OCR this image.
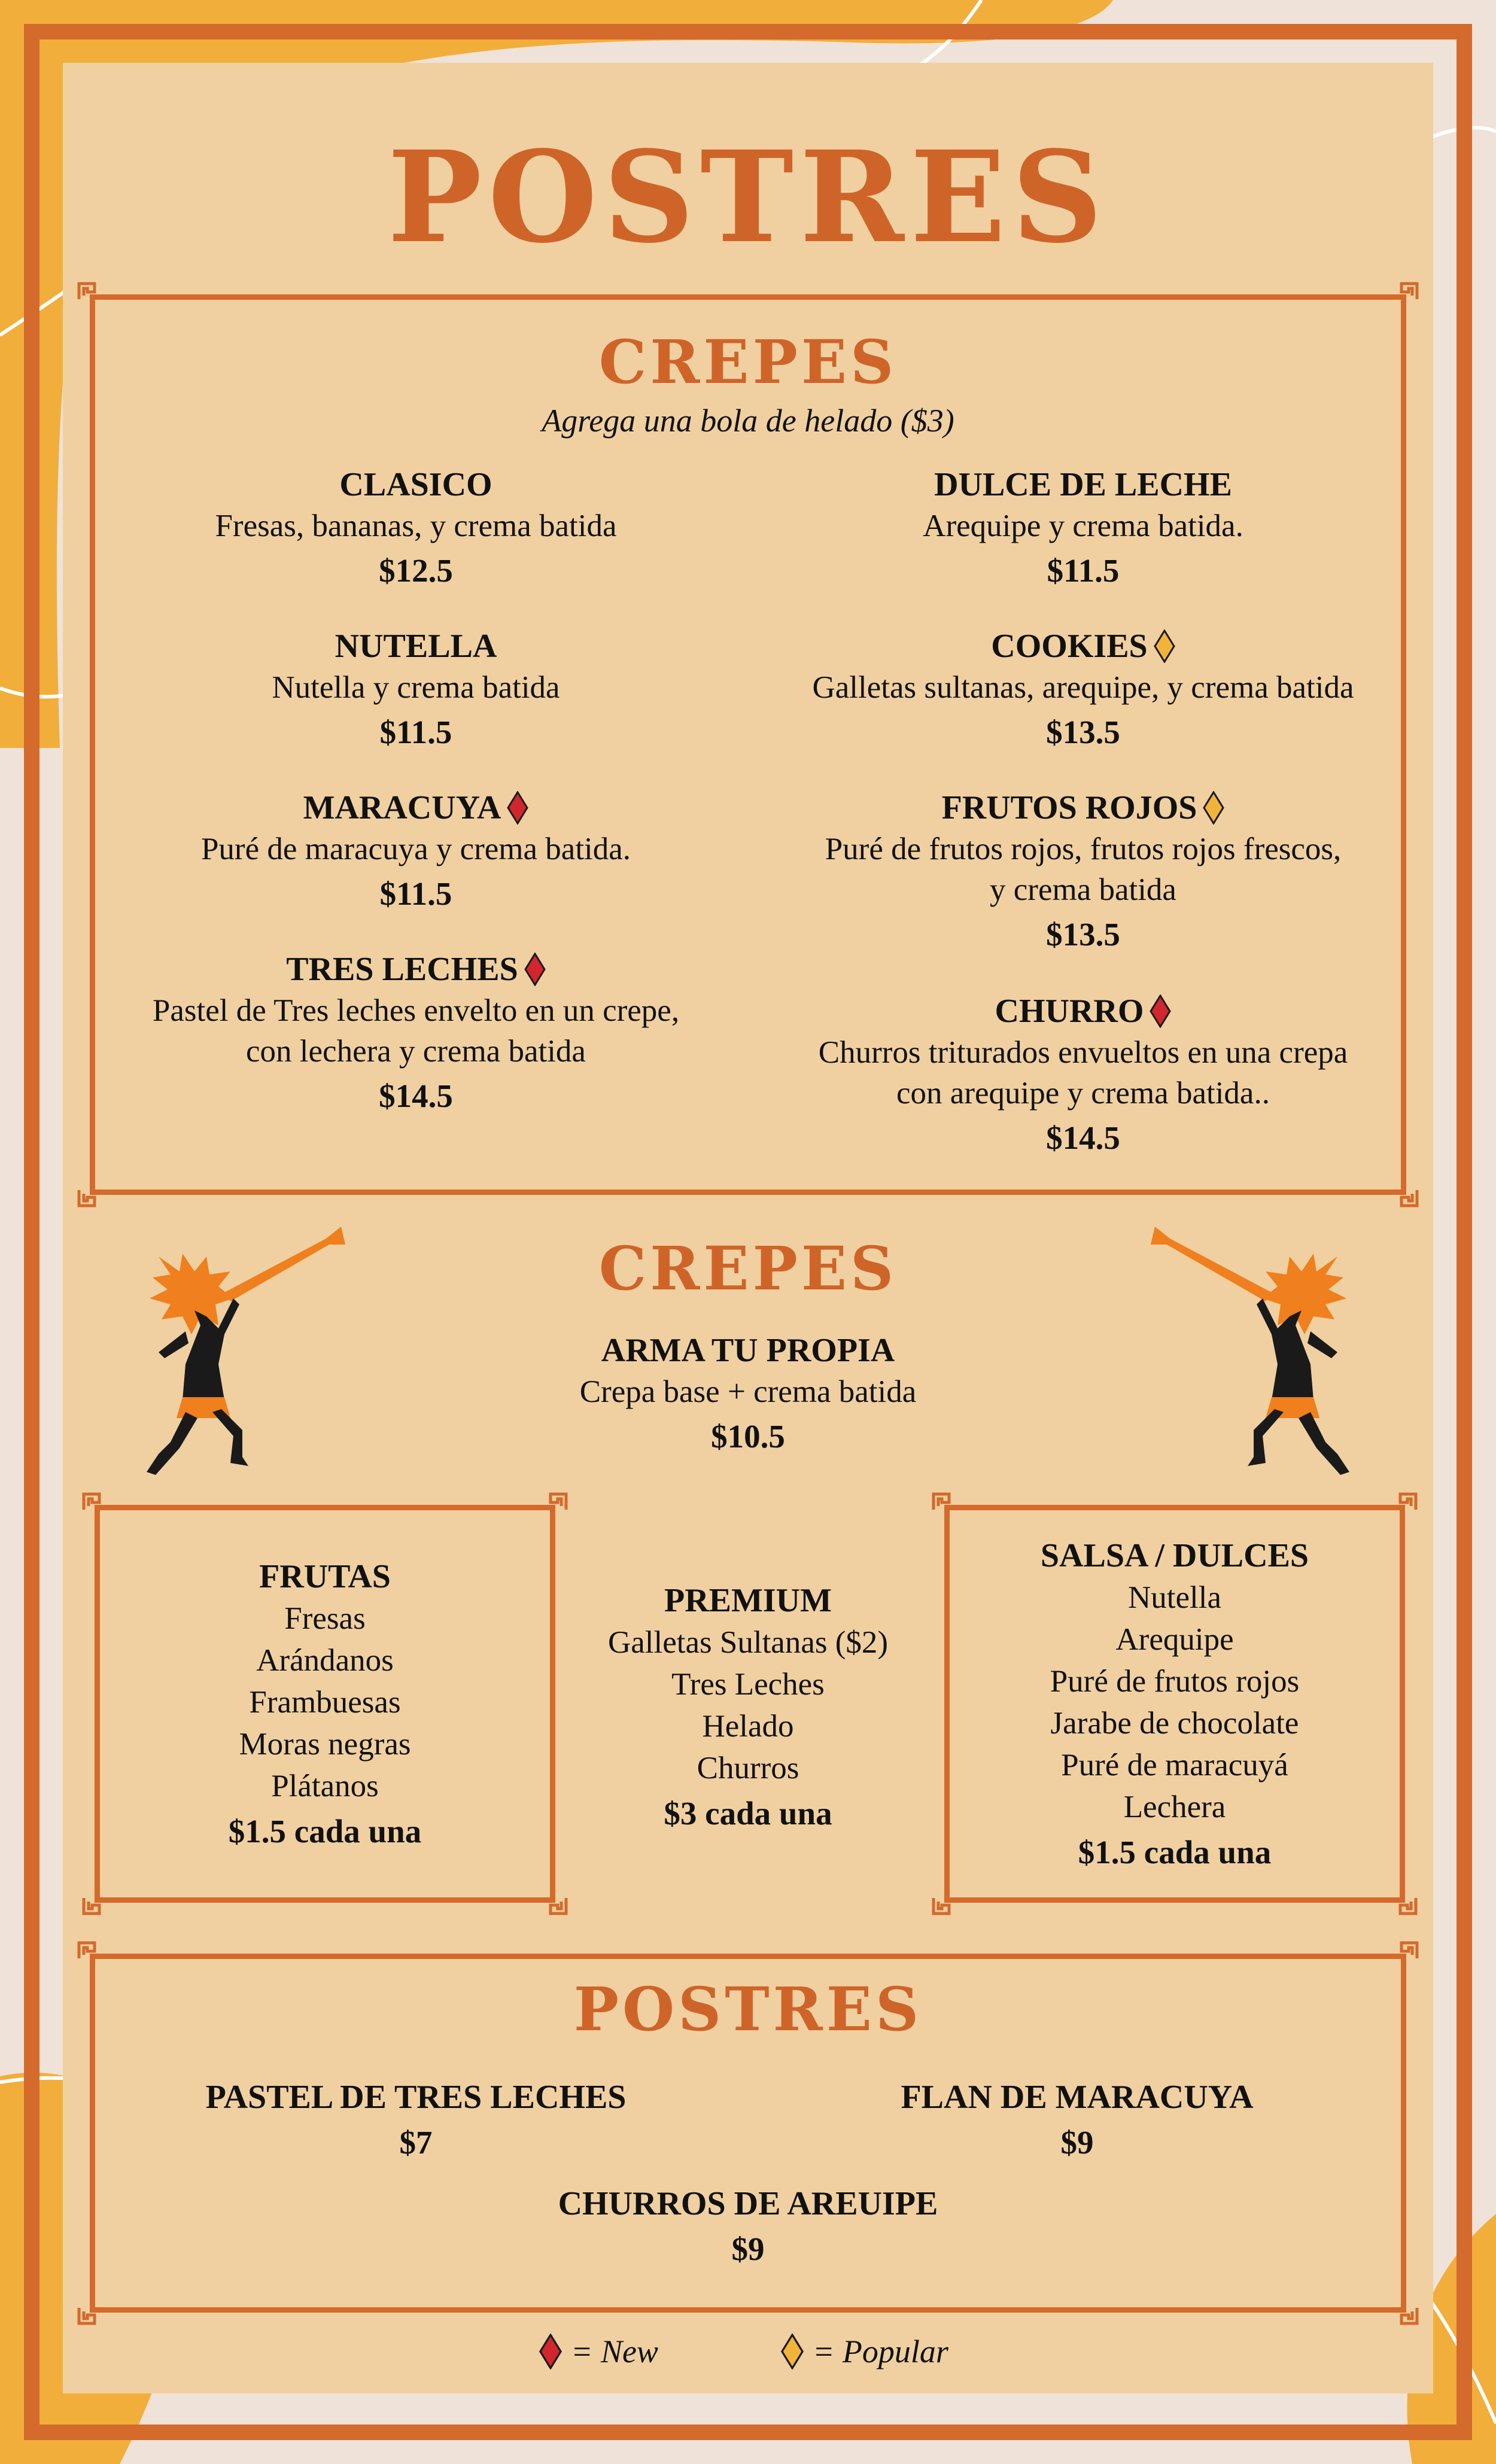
POSTRES
CREPES
Agrega una bola de helado ($3)
CLASICO
Fresas, bananas, y crema batida
$12.5
DULCE DE LECHE
Arequipe y crema batida.
$11.5
NUTELLA
Nutella y crema batida
$11.5
COOKIES
Galletas sultanas, arequipe, y crema batida
$13.5
MARACUYA
Puré de maracuya y crema batida.
$11.5
FRUTOS ROJOS
Puré de frutos rojos, frutos rojos frescos,
y crema batida
$13.5
TRES LECHES
Pastel de Tres leches envelto en un crepe,
con lechera y crema batida
$14.5
CHURRO
Churros triturados envueltos en una crepa
con arequipe y crema batida..
$14.5
CREPES
ARMA TU PROPIA
Crepa base + crema batida
$10.5
FRUTAS
Fresas
Arándanos
Frambuesas
Moras negras
Plátanos
$1.5 cada una
PREMIUM
Galletas Sultanas ($2)
Tres Leches
Helado
Churros
$3 cada una
SALSA / DULCES
Nutella
Arequipe
Puré de frutos rojos
Jarabe de chocolate
Puré de maracuyá
Lechera
$1.5 cada una
POSTRES
PASTEL DE TRES LECHES
$7
FLAN DE MARACUYA
$9
CHURROS DE AREUIPE
$9
= New	= Popular
